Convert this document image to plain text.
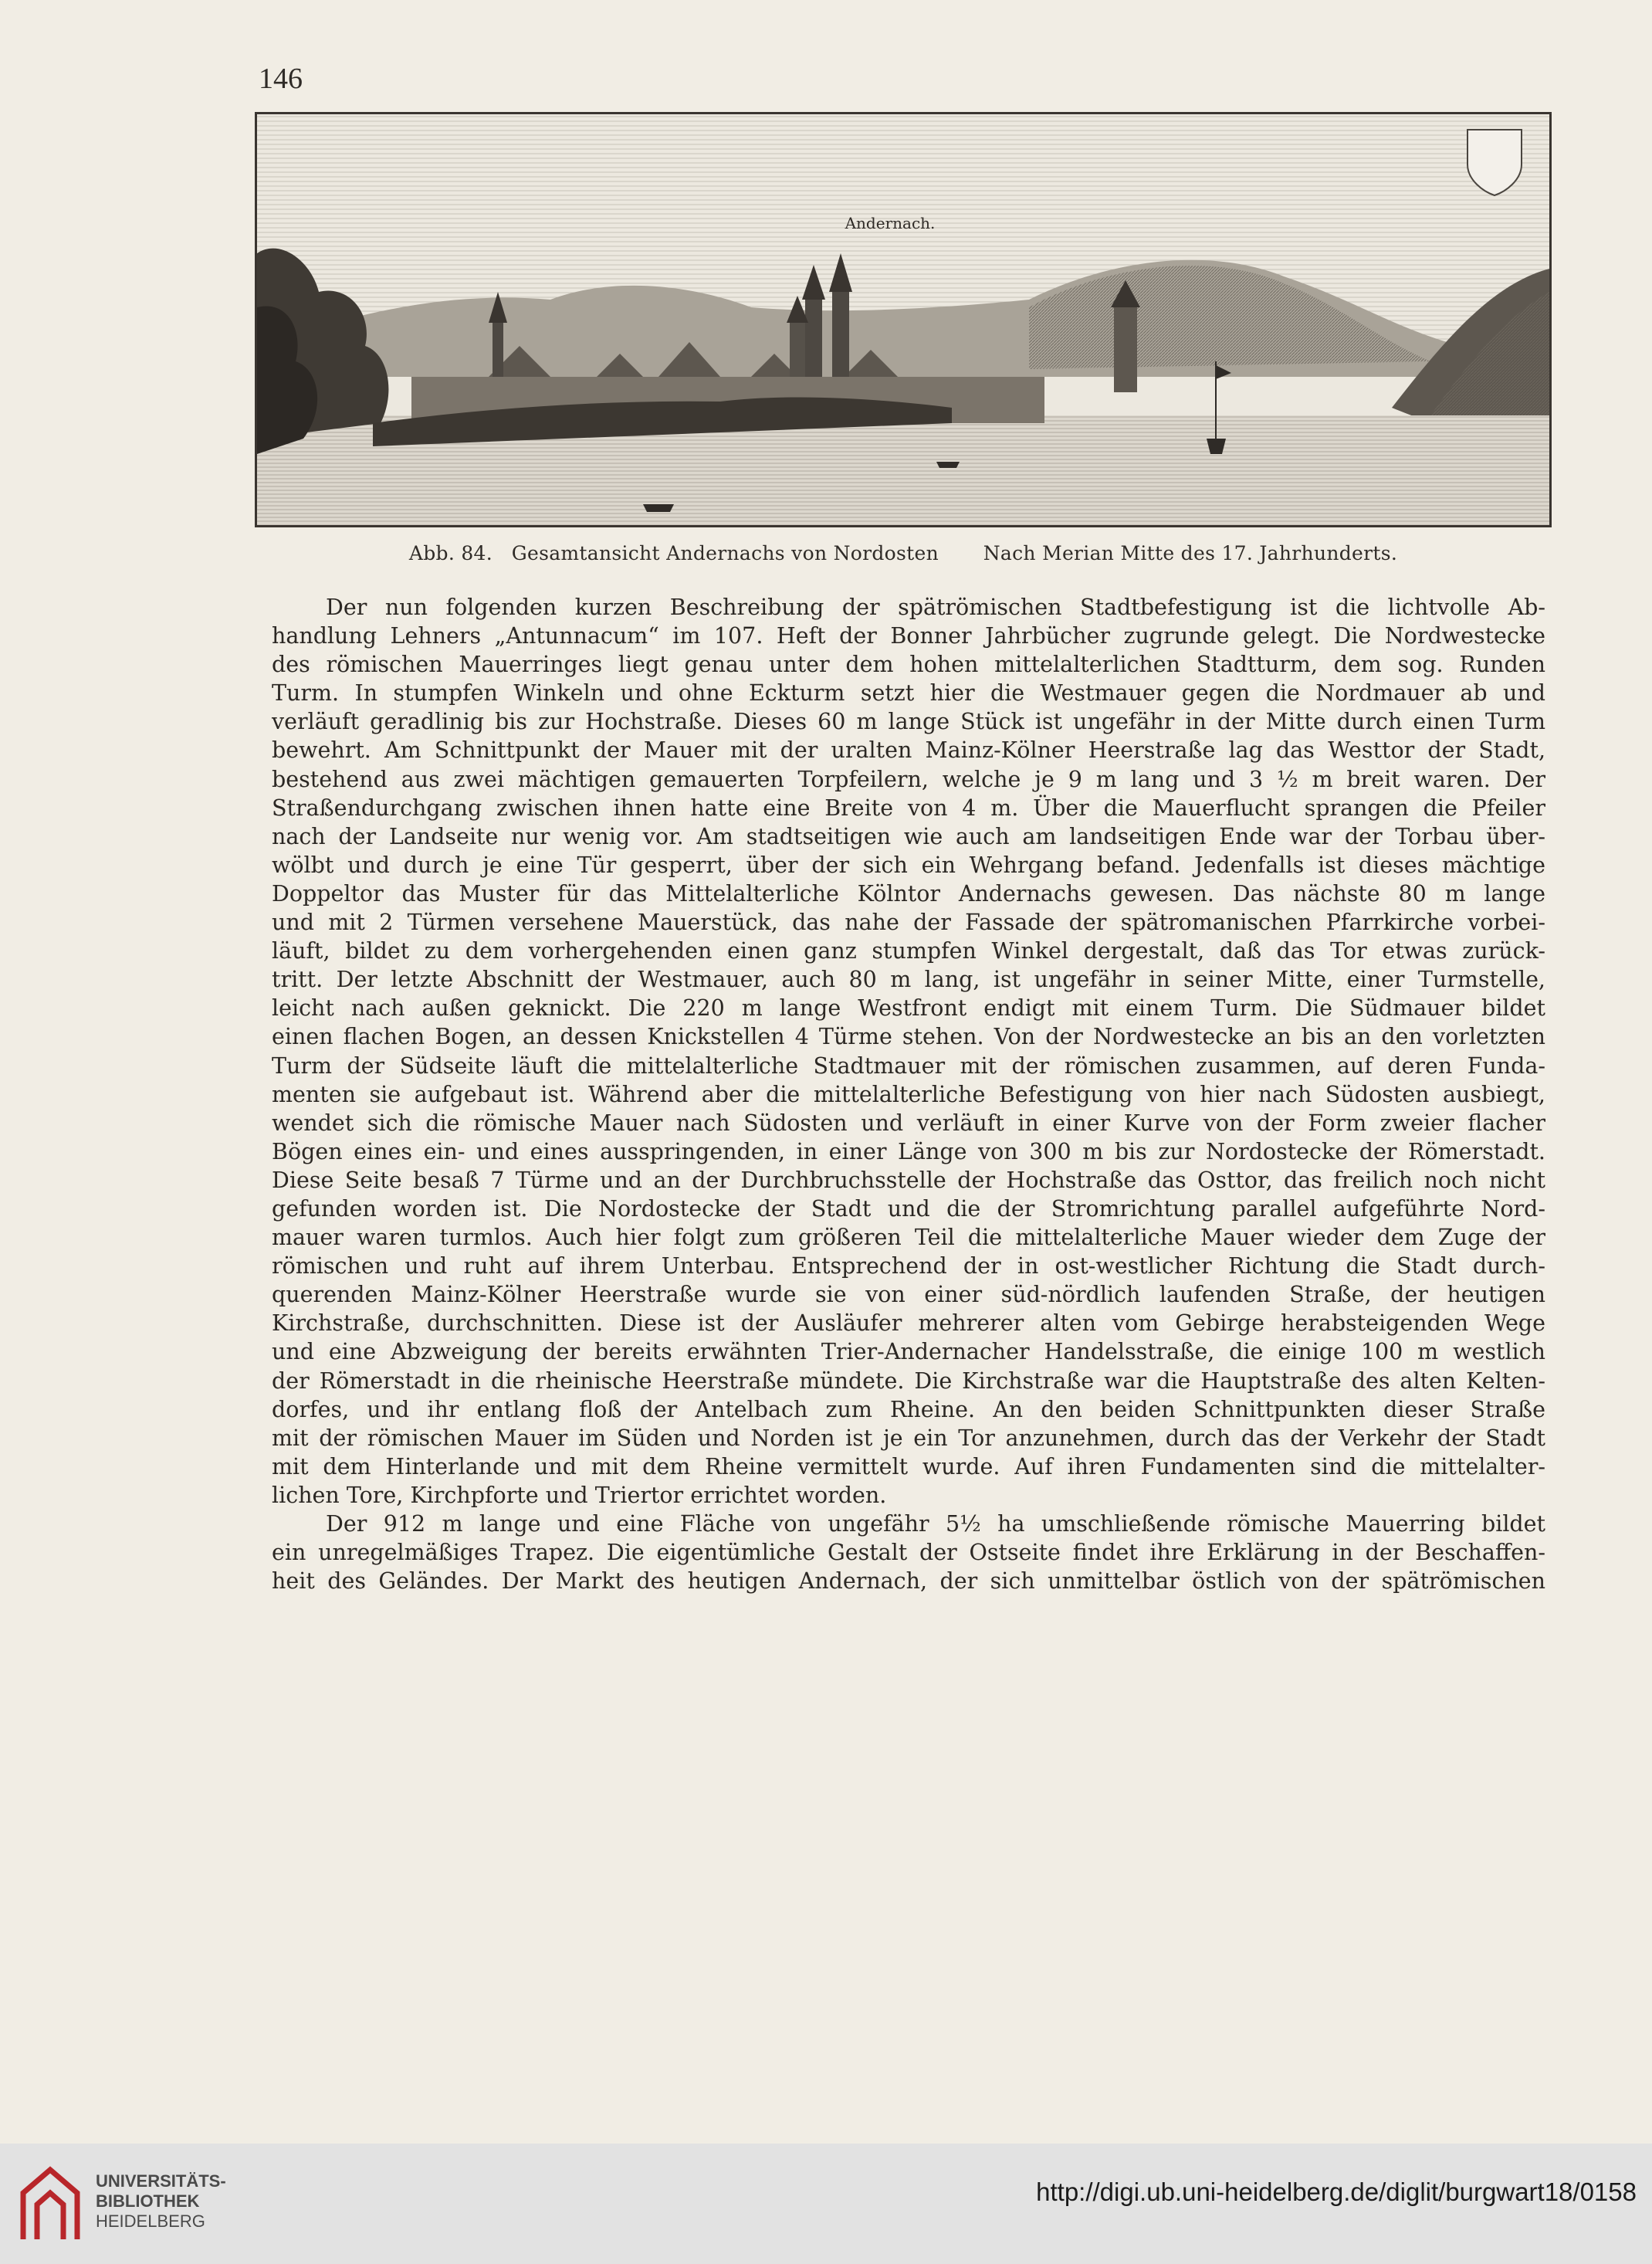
146
Andernach.
Abb. 84.   Gesamtansicht Andernachs von Nordosten       Nach Merian Mitte des 17. Jahrhunderts.

Der nun folgenden kurzen Beschreibung der spätrömischen Stadtbefestigung ist die lichtvolle Ab-
handlung Lehners „Antunnacum“ im 107. Heft der Bonner Jahrbücher zugrunde gelegt. Die Nordwestecke
des römischen Mauerringes liegt genau unter dem hohen mittelalterlichen Stadtturm, dem sog. Runden
Turm. In stumpfen Winkeln und ohne Eckturm setzt hier die Westmauer gegen die Nordmauer ab und
verläuft geradlinig bis zur Hochstraße. Dieses 60 m lange Stück ist ungefähr in der Mitte durch einen Turm
bewehrt. Am Schnittpunkt der Mauer mit der uralten Mainz-Kölner Heerstraße lag das Westtor der Stadt,
bestehend aus zwei mächtigen gemauerten Torpfeilern, welche je 9 m lang und 3 ½ m breit waren. Der
Straßendurchgang zwischen ihnen hatte eine Breite von 4 m. Über die Mauerflucht sprangen die Pfeiler
nach der Landseite nur wenig vor. Am stadtseitigen wie auch am landseitigen Ende war der Torbau über-
wölbt und durch je eine Tür gesperrt, über der sich ein Wehrgang befand. Jedenfalls ist dieses mächtige
Doppeltor das Muster für das Mittelalterliche Kölntor Andernachs gewesen. Das nächste 80 m lange
und mit 2 Türmen versehene Mauerstück, das nahe der Fassade der spätromanischen Pfarrkirche vorbei-
läuft, bildet zu dem vorhergehenden einen ganz stumpfen Winkel dergestalt, daß das Tor etwas zurück-
tritt. Der letzte Abschnitt der Westmauer, auch 80 m lang, ist ungefähr in seiner Mitte, einer Turmstelle,
leicht nach außen geknickt. Die 220 m lange Westfront endigt mit einem Turm. Die Südmauer bildet
einen flachen Bogen, an dessen Knickstellen 4 Türme stehen. Von der Nordwestecke an bis an den vorletzten
Turm der Südseite läuft die mittelalterliche Stadtmauer mit der römischen zusammen, auf deren Funda-
menten sie aufgebaut ist. Während aber die mittelalterliche Befestigung von hier nach Südosten ausbiegt,
wendet sich die römische Mauer nach Südosten und verläuft in einer Kurve von der Form zweier flacher
Bögen eines ein- und eines ausspringenden, in einer Länge von 300 m bis zur Nordostecke der Römerstadt.
Diese Seite besaß 7 Türme und an der Durchbruchsstelle der Hochstraße das Osttor, das freilich noch nicht
gefunden worden ist. Die Nordostecke der Stadt und die der Stromrichtung parallel aufgeführte Nord-
mauer waren turmlos. Auch hier folgt zum größeren Teil die mittelalterliche Mauer wieder dem Zuge der
römischen und ruht auf ihrem Unterbau. Entsprechend der in ost-westlicher Richtung die Stadt durch-
querenden Mainz-Kölner Heerstraße wurde sie von einer süd-nördlich laufenden Straße, der heutigen
Kirchstraße, durchschnitten. Diese ist der Ausläufer mehrerer alten vom Gebirge herabsteigenden Wege
und eine Abzweigung der bereits erwähnten Trier-Andernacher Handelsstraße, die einige 100 m westlich
der Römerstadt in die rheinische Heerstraße mündete. Die Kirchstraße war die Hauptstraße des alten Kelten-
dorfes, und ihr entlang floß der Antelbach zum Rheine. An den beiden Schnittpunkten dieser Straße
mit der römischen Mauer im Süden und Norden ist je ein Tor anzunehmen, durch das der Verkehr der Stadt
mit dem Hinterlande und mit dem Rheine vermittelt wurde. Auf ihren Fundamenten sind die mittelalter-
lichen Tore, Kirchpforte und Triertor errichtet worden.

Der 912 m lange und eine Fläche von ungefähr 5½ ha umschließende römische Mauerring bildet
ein unregelmäßiges Trapez. Die eigentümliche Gestalt der Ostseite findet ihre Erklärung in der Beschaffen-
heit des Geländes. Der Markt des heutigen Andernach, der sich unmittelbar östlich von der spätrömischen

UNIVERSITÄTS-
BIBLIOTHEK
HEIDELBERG
http://digi.ub.uni-heidelberg.de/diglit/burgwart18/0158
